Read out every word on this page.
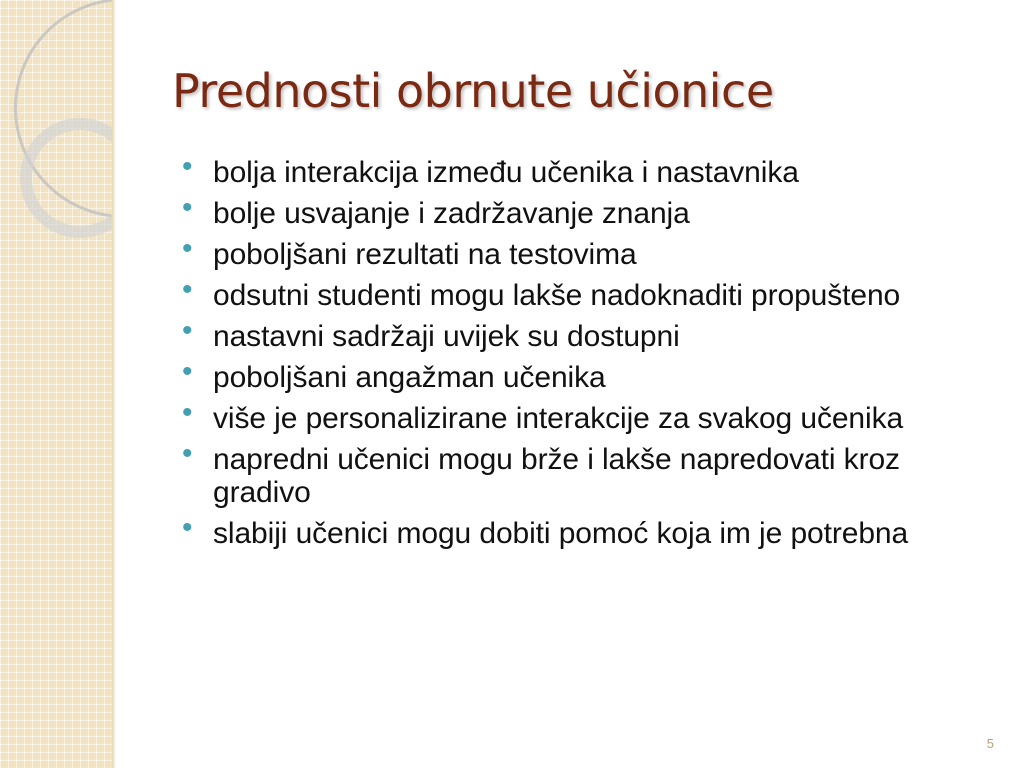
Prednosti obrnute učionice
• bolja interakcija između učenika i nastavnika
• bolje usvajanje i zadržavanje znanja
• poboljšani rezultati na testovima
• odsutni studenti mogu lakše nadoknaditi propušteno
• nastavni sadržaji uvijek su dostupni
• poboljšani angažman učenika
• više je personalizirane interakcije za svakog učenika
• napredni učenici mogu brže i lakše napredovati kroz gradivo
• slabiji učenici mogu dobiti pomoć koja im je potrebna
5
